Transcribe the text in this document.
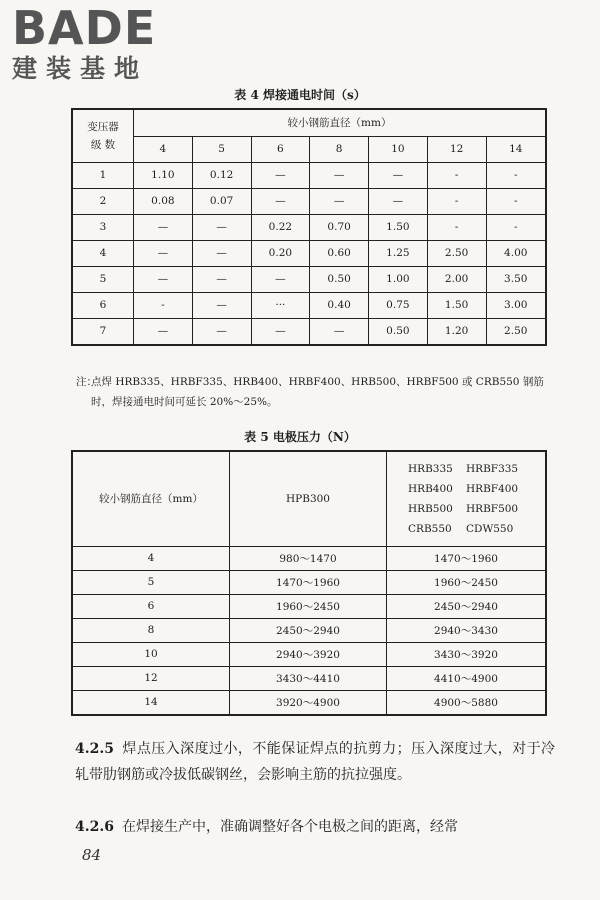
BADE
建装基地
表 4 焊接通电时间（s）
变压器
级 数	较小钢筋直径（mm）						
	4	5	6	8	10	12	14
1	1.10	0.12	—	—	—	-	-
2	0.08	0.07	—	—	—	-	-
3	—	—	0.22	0.70	1.50	-	-
4	—	—	0.20	0.60	1.25	2.50	4.00
5	—	—	—	0.50	1.00	2.00	3.50
6	-	—	···	0.40	0.75	1.50	3.00
7	—	—	—	—	0.50	1.20	2.50
注：
点焊 HRB335、HRBF335、HRB400、HRBF400、HRB500、HRBF500 或 CRB550 钢筋时，焊接通电时间可延长 20%～25%。
表 5 电极压力（N）
较小钢筋直径（mm）	HPB300	HRB335 HRBF335
HRB400 HRBF400
HRB500 HRBF500
CRB550 CDW550

4	980～1470	1470～1960
5	1470～1960	1960～2450
6	1960～2450	2450～2940
8	2450～2940	2940～3430
10	2940～3920	3430～3920
12	3430～4410	4410～4900
14	3920～4900	4900～5880
4.2.5 焊点压入深度过小，不能保证焊点的抗剪力；压入深度过大，对于冷轧带肋钢筋或冷拔低碳钢丝，会影响主筋的抗拉强度。
4.2.6 在焊接生产中，准确调整好各个电极之间的距离，经常
84
